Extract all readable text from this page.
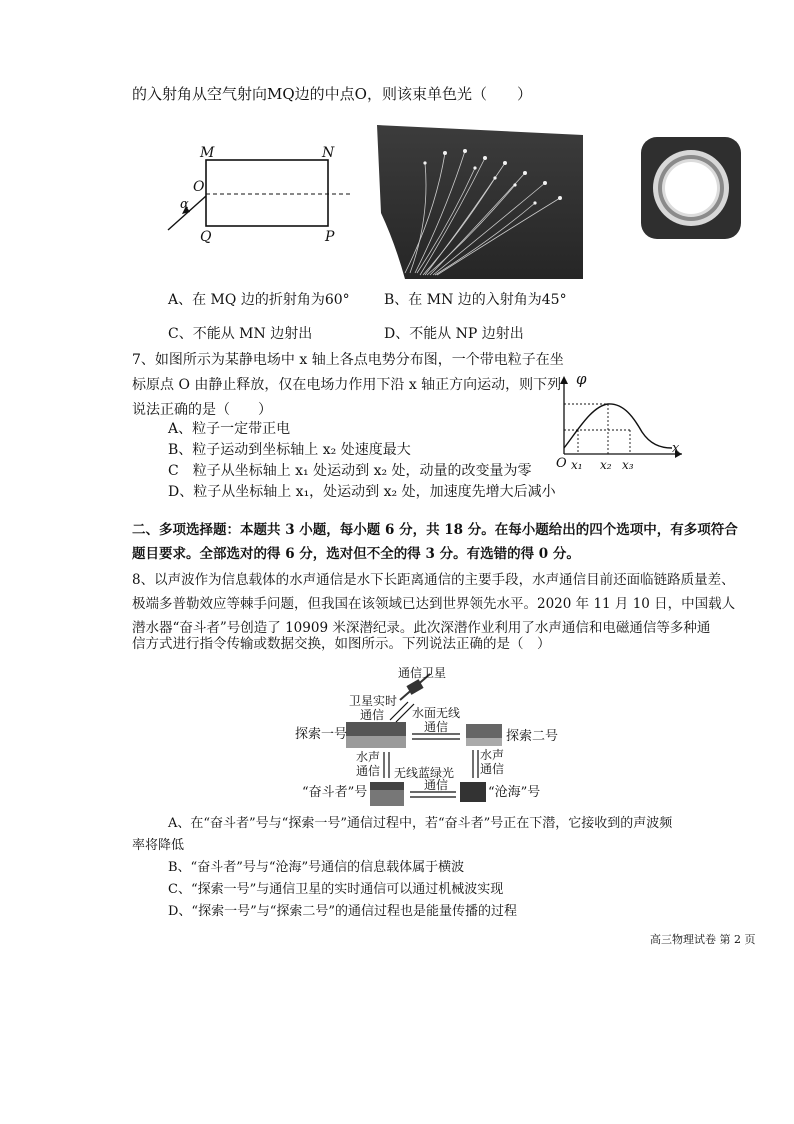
的入射角从空气射向MQ边的中点O，则该束单色光（　　）
M	N
O
α
Q	P
A、在 MQ 边的折射角为60° B、在 MN 边的入射角为45°
C、不能从 MN 边射出	D、不能从 NP 边射出
7、如图所示为某静电场中 x 轴上各点电势分布图，一个带电粒子在坐
标原点 O 由静止释放，仅在电场力作用下沿 x 轴正方向运动，则下列
说法正确的是（　　）
A、粒子一定带正电
B、粒子运动到坐标轴上 x₂ 处速度最大
C　粒子从坐标轴上 x₁ 处运动到 x₂ 处，动量的改变量为零
D、粒子从坐标轴上 x₁，处运动到 x₂ 处，加速度先增大后减小
φ
x
O x₁ x₂ x₃
二、多项选择题：本题共 3 小题，每小题 6 分，共 18 分。在每小题给出的四个选项中，有多项符合
题目要求。全部选对的得 6 分，选对但不全的得 3 分。有选错的得 0 分。
8、以声波作为信息载体的水声通信是水下长距离通信的主要手段，水声通信目前还面临链路质量差、
极端多普勒效应等棘手问题，但我国在该领域已达到世界领先水平。2020 年 11 月 10 日，中国载人
潜水器“奋斗者”号创造了 10909 米深潜纪录。此次深潜作业利用了水声通信和电磁通信等多种通
信方式进行指令传输或数据交换，如图所示。下列说法正确的是（　）
通信卫星
卫星实时
通信 水面无线
通信
探索一号	探索二号
水声
通信
水声
通信
无线蓝绿光
通信
“奋斗者”号	“沧海”号
A、在“奋斗者”号与“探索一号”通信过程中，若“奋斗者”号正在下潜，它接收到的声波频
率将降低
B、“奋斗者”号与“沧海”号通信的信息载体属于横波
C、“探索一号”与通信卫星的实时通信可以通过机械波实现
D、“探索一号”与“探索二号”的通信过程也是能量传播的过程
高三物理试卷 第 2 页
